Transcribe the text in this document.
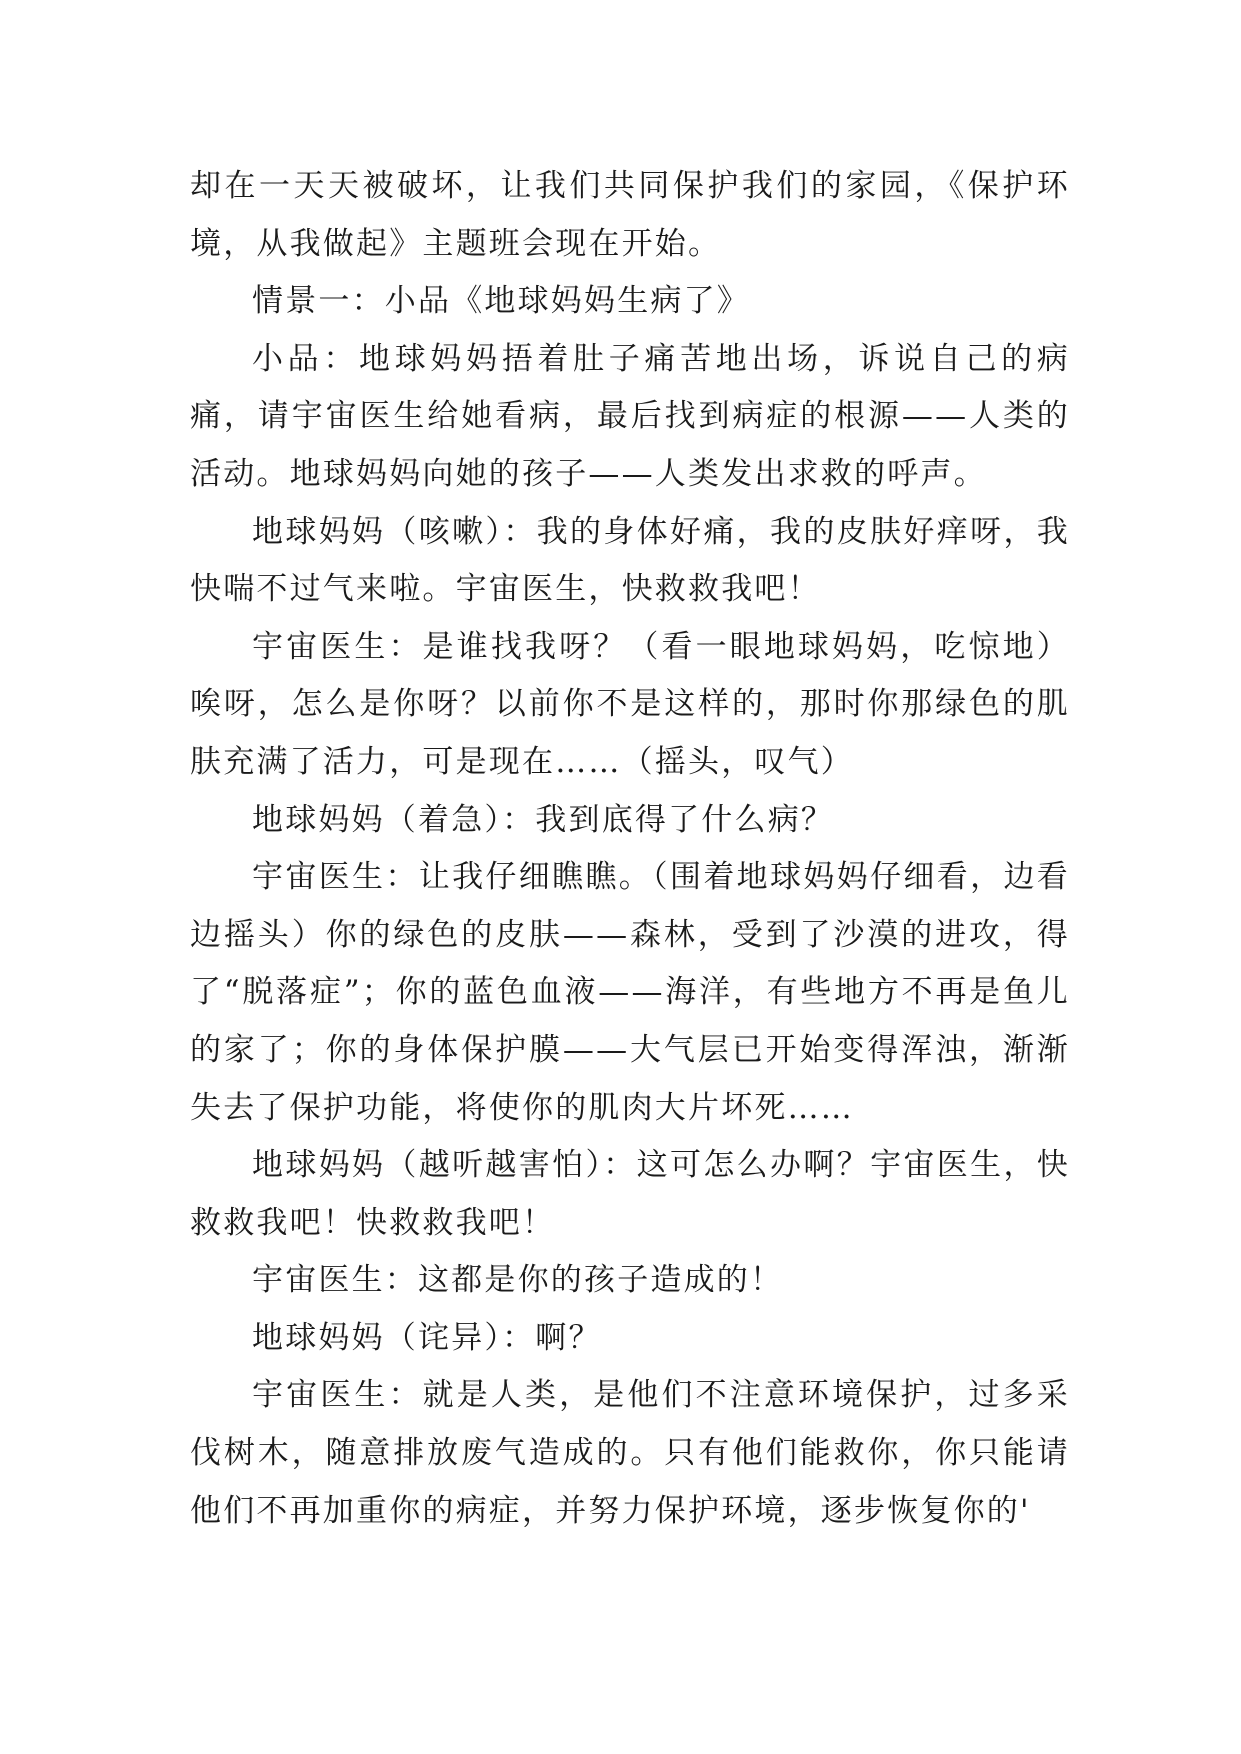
却在一天天被破坏，让我们共同保护我们的家园，《保护环境，从我做起》主题班会现在开始。

情景一：小品《地球妈妈生病了》

小品：地球妈妈捂着肚子痛苦地出场，诉说自己的病痛，请宇宙医生给她看病，最后找到病症的根源——人类的活动。地球妈妈向她的孩子——人类发出求救的呼声。

地球妈妈（咳嗽）：我的身体好痛，我的皮肤好痒呀，我快喘不过气来啦。宇宙医生，快救救我吧！

宇宙医生：是谁找我呀？（看一眼地球妈妈，吃惊地）唉呀，怎么是你呀？以前你不是这样的，那时你那绿色的肌肤充满了活力，可是现在……（摇头，叹气）

地球妈妈（着急）：我到底得了什么病？

宇宙医生：让我仔细瞧瞧。（围着地球妈妈仔细看，边看边摇头）你的绿色的皮肤——森林，受到了沙漠的进攻，得了“脱落症”；你的蓝色血液——海洋，有些地方不再是鱼儿的家了；你的身体保护膜——大气层已开始变得浑浊，渐渐失去了保护功能，将使你的肌肉大片坏死……

地球妈妈（越听越害怕）：这可怎么办啊？宇宙医生，快救救我吧！快救救我吧！

宇宙医生：这都是你的孩子造成的！

地球妈妈（诧异）：啊？

宇宙医生：就是人类，是他们不注意环境保护，过多采伐树木，随意排放废气造成的。只有他们能救你，你只能请他们不再加重你的病症，并努力保护环境，逐步恢复你的'
